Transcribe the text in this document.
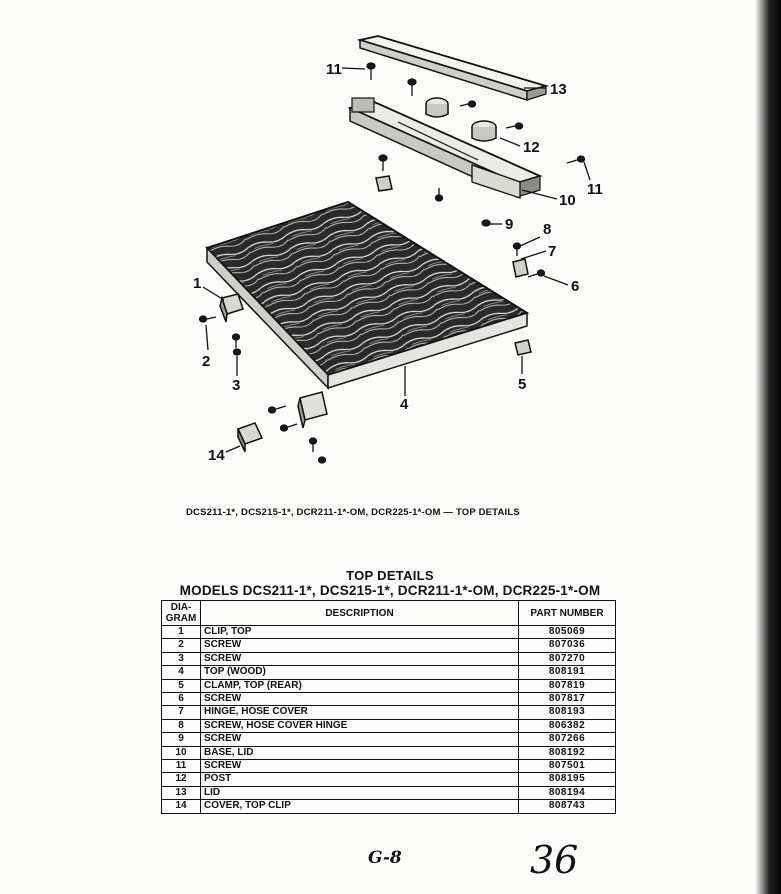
11
13
12
11
10
9 8
7
6
1
2
3
4
5
14
DCS211-1*, DCS215-1*, DCR211-1*-OM, DCR225-1*-OM — TOP DETAILS
TOP DETAILS
MODELS DCS211-1*, DCS215-1*, DCR211-1*-OM, DCR225-1*-OM
DIA-GRAM	DESCRIPTION	PART NUMBER
1	CLIP, TOP	805069
2	SCREW	807036
3	SCREW	807270
4	TOP (WOOD)	808191
5	CLAMP, TOP (REAR)	807819
6	SCREW	807817
7	HINGE, HOSE COVER	808193
8	SCREW, HOSE COVER HINGE	806382
9	SCREW	807266
10	BASE, LID	808192
11	SCREW	807501
12	POST	808195
13	LID	808194
14	COVER, TOP CLIP	808743
G-8	36
